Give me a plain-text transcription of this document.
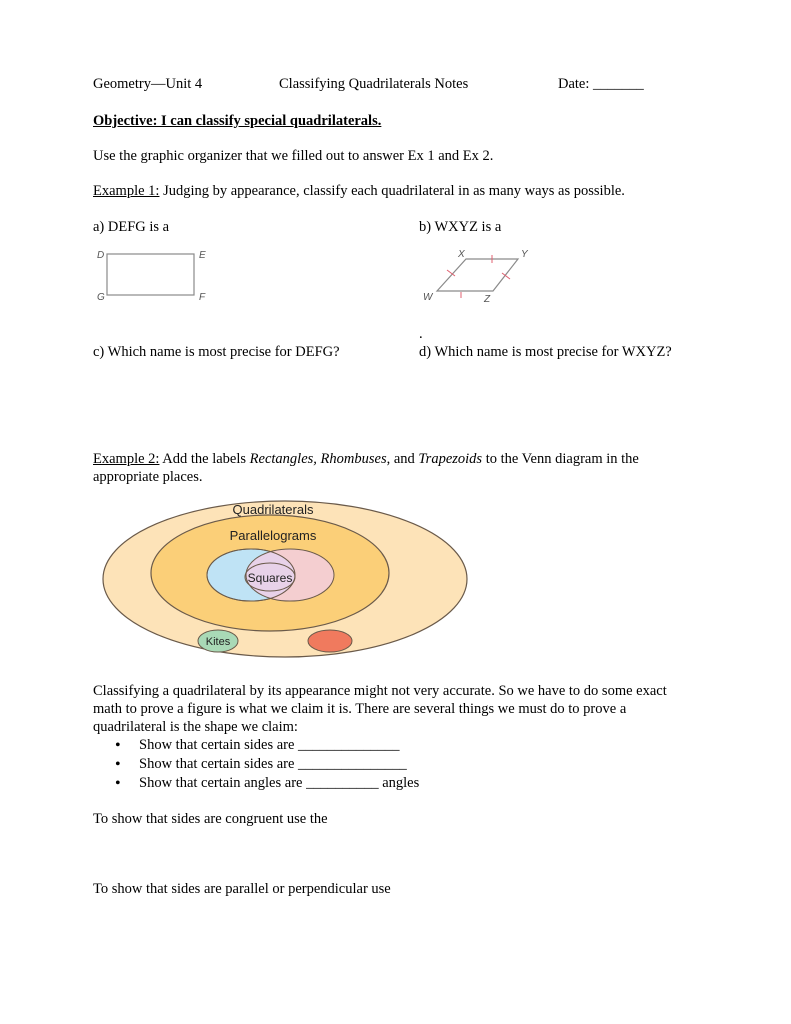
Geometry—Unit 4	Classifying Quadrilaterals Notes	Date: _______
Objective: I can classify special quadrilaterals.
Use the graphic organizer that we filled out to answer Ex 1 and Ex 2.
Example 1: Judging by appearance, classify each quadrilateral in as many ways as possible.
a) DEFG is a	b) WXYZ is a
D	E
F
G
X	Y
Z
W
.
c) Which name is most precise for DEFG?	d) Which name is most precise for WXYZ?
Example 2: Add the labels Rectangles, Rhombuses, and Trapezoids to the Venn diagram in the
appropriate places.
Quadrilaterals
Parallelograms
Squares
Kites
Classifying a quadrilateral by its appearance might not very accurate. So we have to do some exact
math to prove a figure is what we claim it is. There are several things we must do to prove a
quadrilateral is the shape we claim:
• Show that certain sides are ______________
• Show that certain sides are _______________
• Show that certain angles are __________ angles
To show that sides are congruent use the
To show that sides are parallel or perpendicular use
